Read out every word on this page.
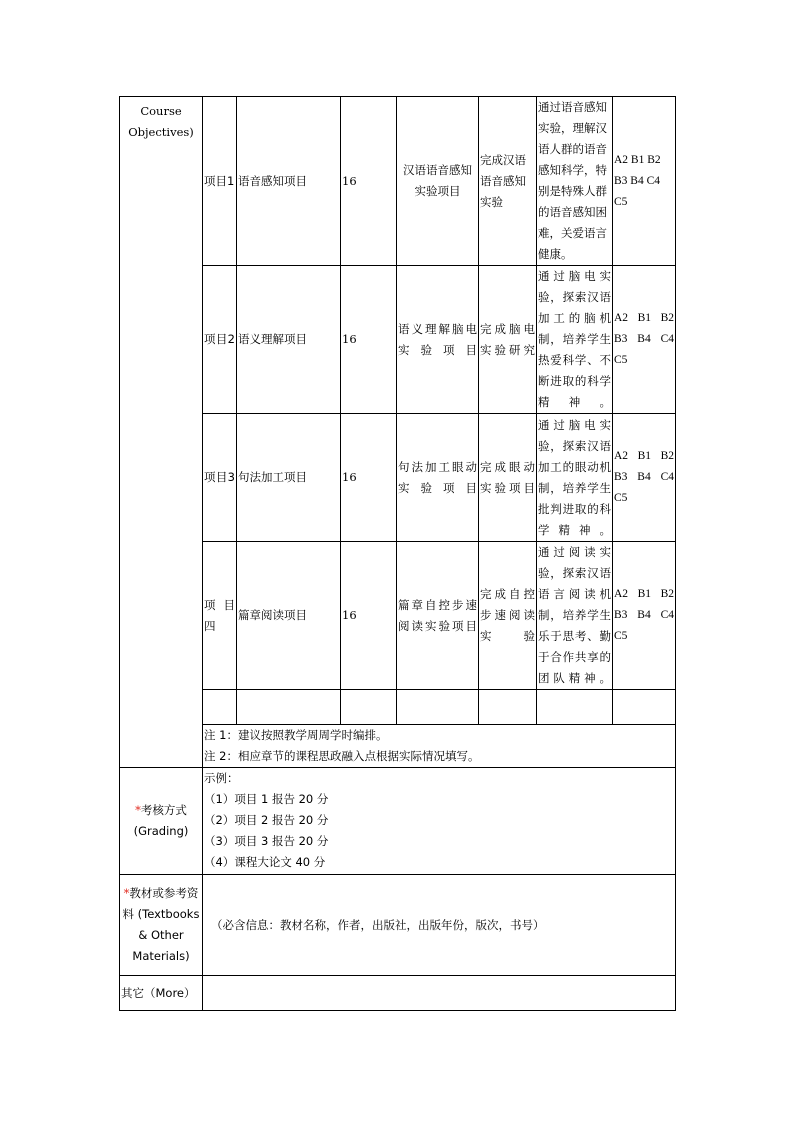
Course Objectives)	项目1	语音感知项目	16	汉语语音感知实验项目	完成汉语语音感知实验	通过语音感知实验，理解汉语人群的语音感知科学，特别是特殊人群的语音感知困难，关爱语言健康。	A2 B1 B2 B3 B4 C4 C5
	项目2	语义理解项目	16	语义理解脑电实验项目	完成脑电实验研究	通过脑电实验，探索汉语加工的脑机制，培养学生热爱科学、不断进取的科学精神。	A2 B1 B2 B3 B4 C4 C5
	项目3	句法加工项目	16	句法加工眼动实验项目	完成眼动实验项目	通过脑电实验，探索汉语加工的眼动机制，培养学生批判进取的科学精神。	A2 B1 B2 B3 B4 C4 C5
	项目四	篇章阅读项目	16	篇章自控步速阅读实验项目	完成自控步速阅读实验	通过阅读实验，探索汉语语言阅读机制，培养学生乐于思考、勤于合作共享的团队精神。	A2 B1 B2 B3 B4 C4 C5

	注 1：建议按照教学周周学时编排。
注 2：相应章节的课程思政融入点根据实际情况填写。						

*考核方式 (Grading)	示例：
（1）项目 1 报告 20 分
（2）项目 2 报告 20 分
（3）项目 3 报告 20 分
（4）课程大论文 40 分						

*教材或参考资料 (Textbooks & Other Materials)	（必含信息：教材名称，作者，出版社，出版年份，版次，书号）						
其它（More）							
